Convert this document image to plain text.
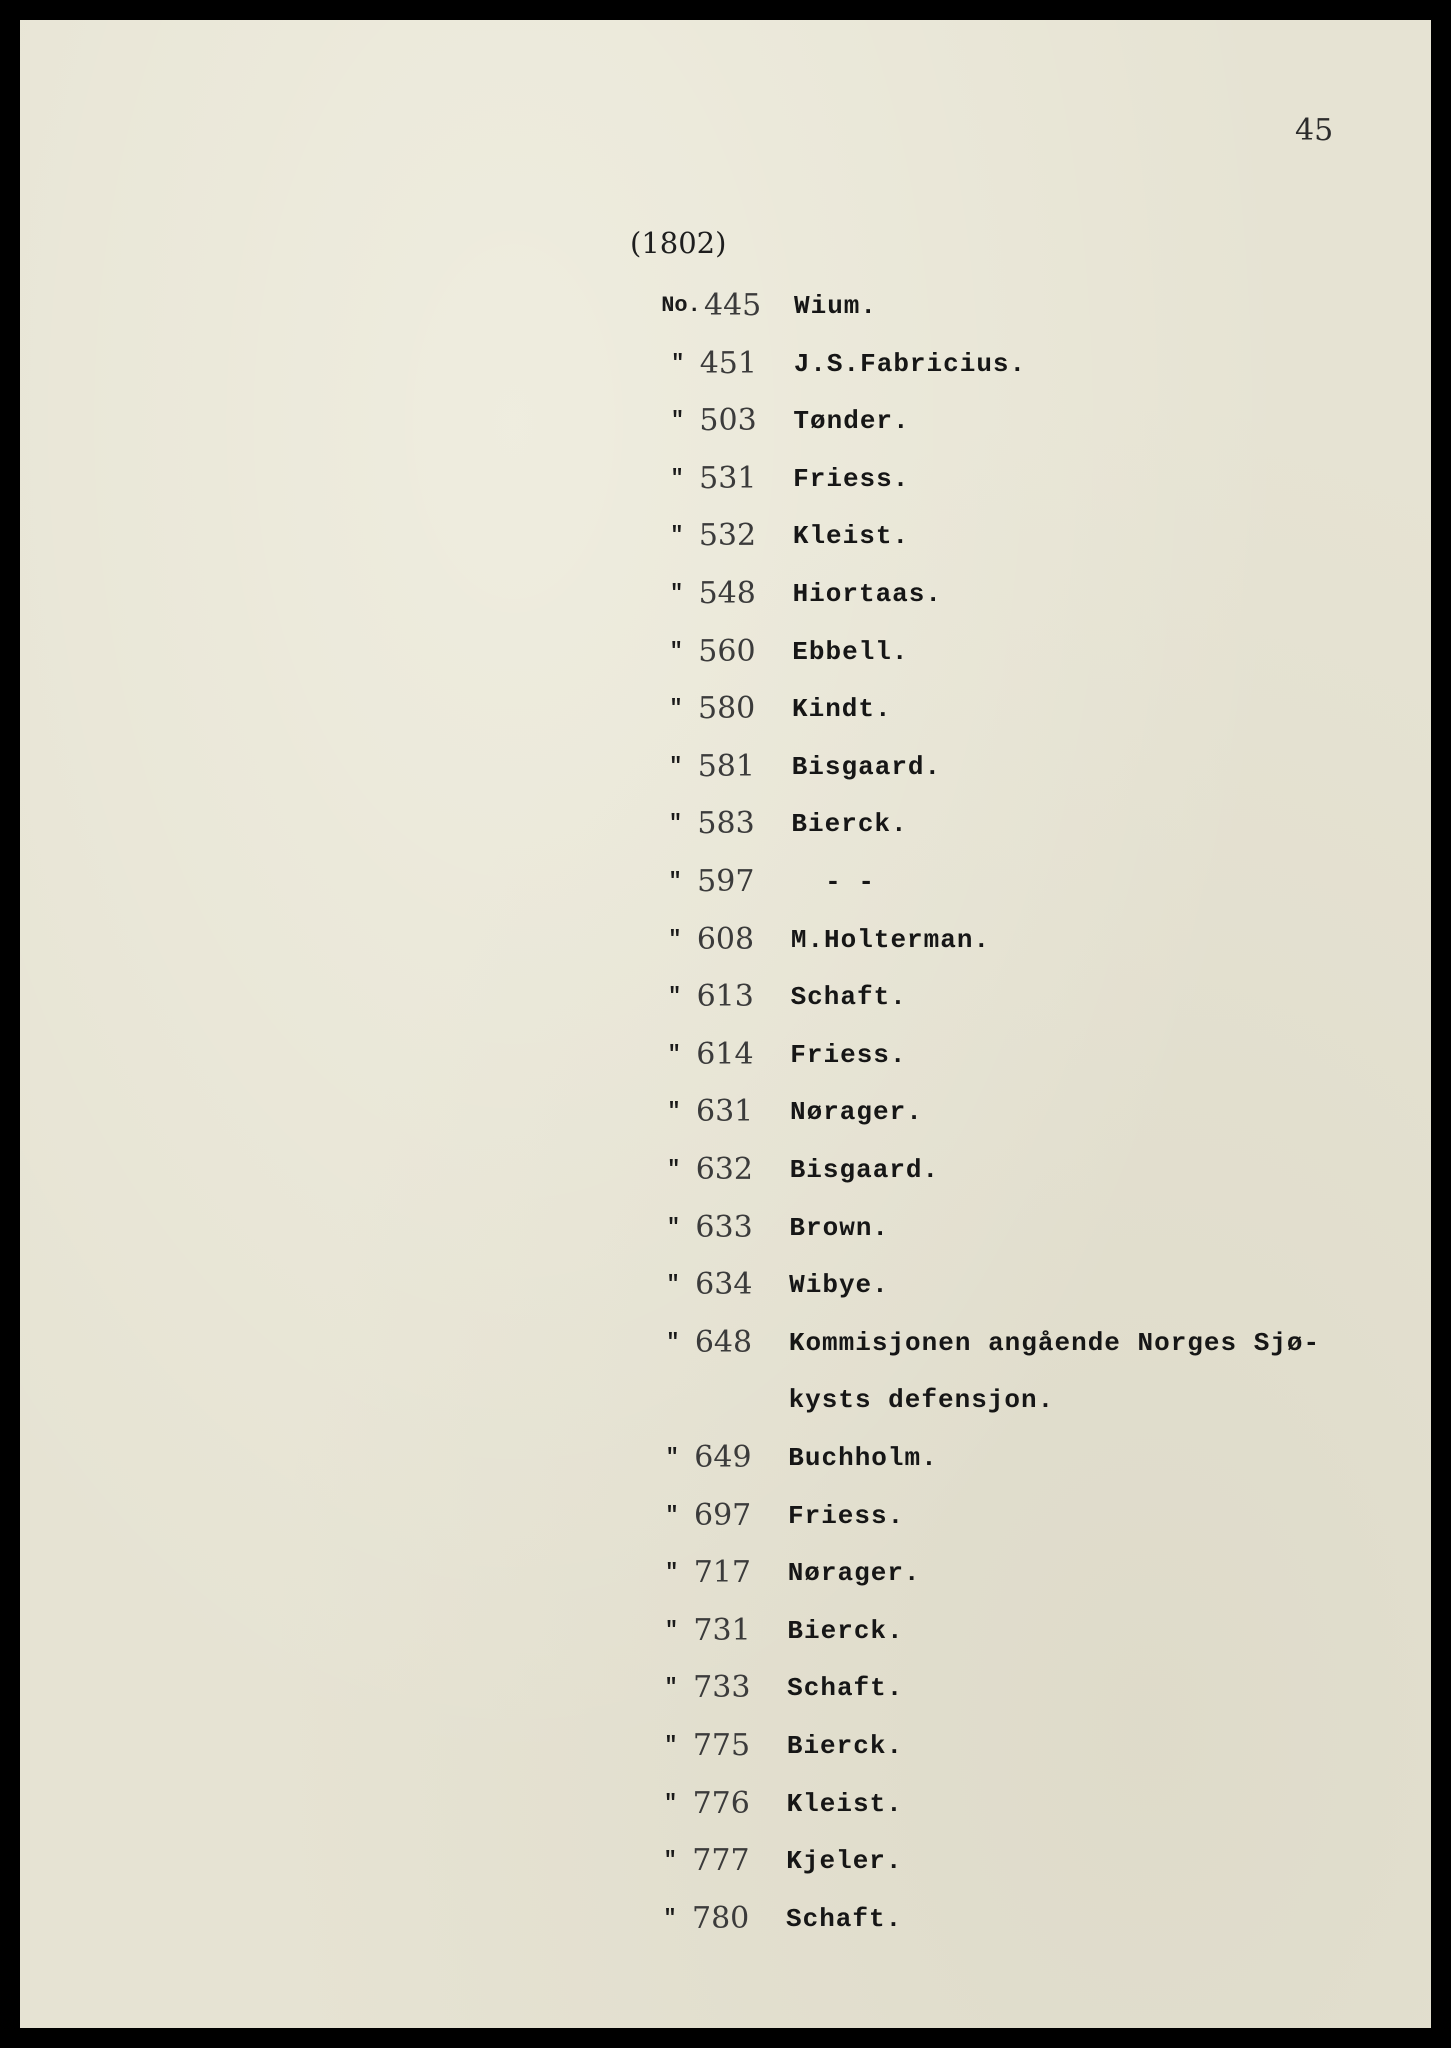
45
(1802)
No. 445	Wium.
" 451	J.S.Fabricius.
" 503	Tønder.
" 531	Friess.
" 532	Kleist.
" 548	Hiortaas.
" 560	Ebbell.
" 580	Kindt.
" 581	Bisgaard.
" 583	Bierck.
" 597	- -
" 608	M.Holterman.
" 613	Schaft.
" 614	Friess.
" 631	Nørager.
" 632	Bisgaard.
" 633	Brown.
" 634	Wibye.
" 648	Kommisjonen angående Norges Sjø-
kysts defensjon.
" 649	Buchholm.
" 697	Friess.
" 717	Nørager.
" 731	Bierck.
" 733	Schaft.
" 775	Bierck.
" 776	Kleist.
" 777	Kjeler.
" 780	Schaft.
